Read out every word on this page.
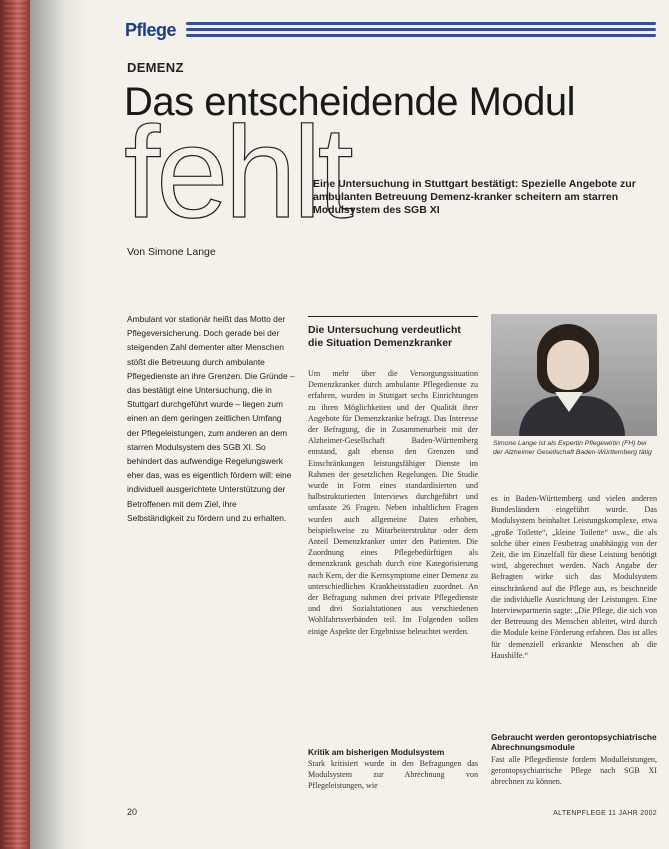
Pflege
DEMENZ
Das entscheidende Modul
fehlt
Eine Untersuchung in Stuttgart bestätigt: Spezielle Angebote zur ambulanten Betreuung Demenz-kranker scheitern am starren Modulsystem des SGB XI
Von Simone Lange
Ambulant vor stationär heißt das Motto der Pflegeversicherung. Doch gerade bei der steigenden Zahl dementer alter Menschen stößt die Betreuung durch ambulante Pflegedienste an ihre Grenzen. Die Gründe – das bestätigt eine Untersuchung, die in Stuttgart durchgeführt wurde – liegen zum einen an dem geringen zeitlichen Umfang der Pflegeleistungen, zum anderen an dem starren Modulsystem des SGB XI. So behindert das aufwendige Regelungswerk eher das, was es eigentlich fördern will: eine individuell ausgerichtete Unterstützung der Betroffenen mit dem Ziel, ihre Selbständigkeit zu fördern und zu erhalten.
Die Untersuchung verdeutlicht die Situation Demenzkranker
Um mehr über die Versorgungssituation Demenzkranker durch ambulante Pflegedienste zu erfahren, wurden in Stuttgart sechs Einrichtungen zu ihren Möglichkeiten und der Qualität ihrer Angebote für Demenzkranke befragt. Das Interesse der Befragung, die in Zusammenarbeit mit der Alzheimer-Gesellschaft Baden-Württemberg entstand, galt ebenso den Grenzen und Einschränkungen leistungsfähiger Dienste im Rahmen der gesetzlichen Regelungen. Die Studie wurde in Form eines standardisierten und halbstrukturierten Interviews durchgeführt und umfasste 26 Fragen. Neben inhaltlichen Fragen wurden auch allgemeine Daten erhoben, beispielsweise zu Mitarbeiterstruktur oder dem Anteil Demenzkranker unter den Patienten. Die Zuordnung eines Pflegebedürftigen als demenzkrank geschah durch eine Kategorisierung nach Kern, der die Kernsymptome einer Demenz zu unterschiedlichen Krankheitsstadien zuordnet. An der Befragung nahmen drei private Pflegedienste und drei Sozialstationen aus verschiedenen Wohlfahrtsverbänden teil. Im Folgenden sollen einige Aspekte der Ergebnisse beleuchtet werden.
Kritik am bisherigen Modulsystem
Stark kritisiert wurde in den Befragungen das Modulsystem zur Abrechnung von Pflegeleistungen, wie
Simone Lange ist als Expertin Pflegewirtin (FH) bei der Alzheimer Gesellschaft Baden-Württemberg tätig
es in Baden-Württemberg und vielen anderen Bundesländern eingeführt wurde. Das Modulsystem beinhaltet Leistungskomplexe, etwa „große Toilette“, „kleine Toilette“ usw., die als solche über einen Festbetrag unabhängig von der Zeit, die im Einzelfall für diese Leistung benötigt wird, abgerechnet werden. Nach Angabe der Befragten wirke sich das Modulsystem einschränkend auf die Pflege aus, es beschneide die individuelle Ausrichtung der Leistungen. Eine Interviewpartnerin sagte: „Die Pflege, die sich von der Betreuung des Menschen ableitet, wird durch die Module keine Förderung erfahren. Das ist alles für demenziell erkrankte Menschen ab die Haushilfe.“
Gebraucht werden gerontopsychiatrische Abrechnungsmodule
Fast alle Pflegedienste fordern Modulleistungen, gerontopsychiatrische Pflege nach SGB XI abrechnen zu können.
20	ALTENPFLEGE 11 JAHR 2002
